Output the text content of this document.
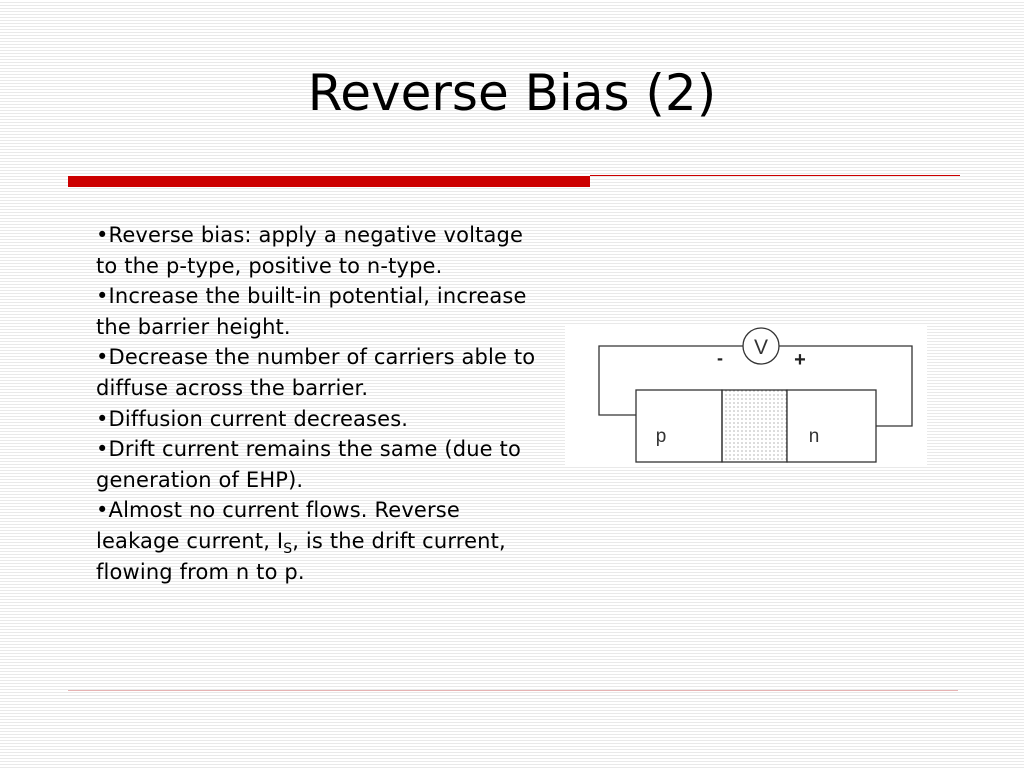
Reverse Bias (2)
•Reverse bias: apply a negative voltage to the p-type, positive to n-type.
•Increase the built-in potential, increase the barrier height.
•Decrease the number of carriers able to diffuse across the barrier.
•Diffusion current decreases.
•Drift current remains the same (due to generation of EHP).
•Almost no current flows. Reverse leakage current, $I_S$, is the drift current, flowing from n to p.
V
-	+
p	n
